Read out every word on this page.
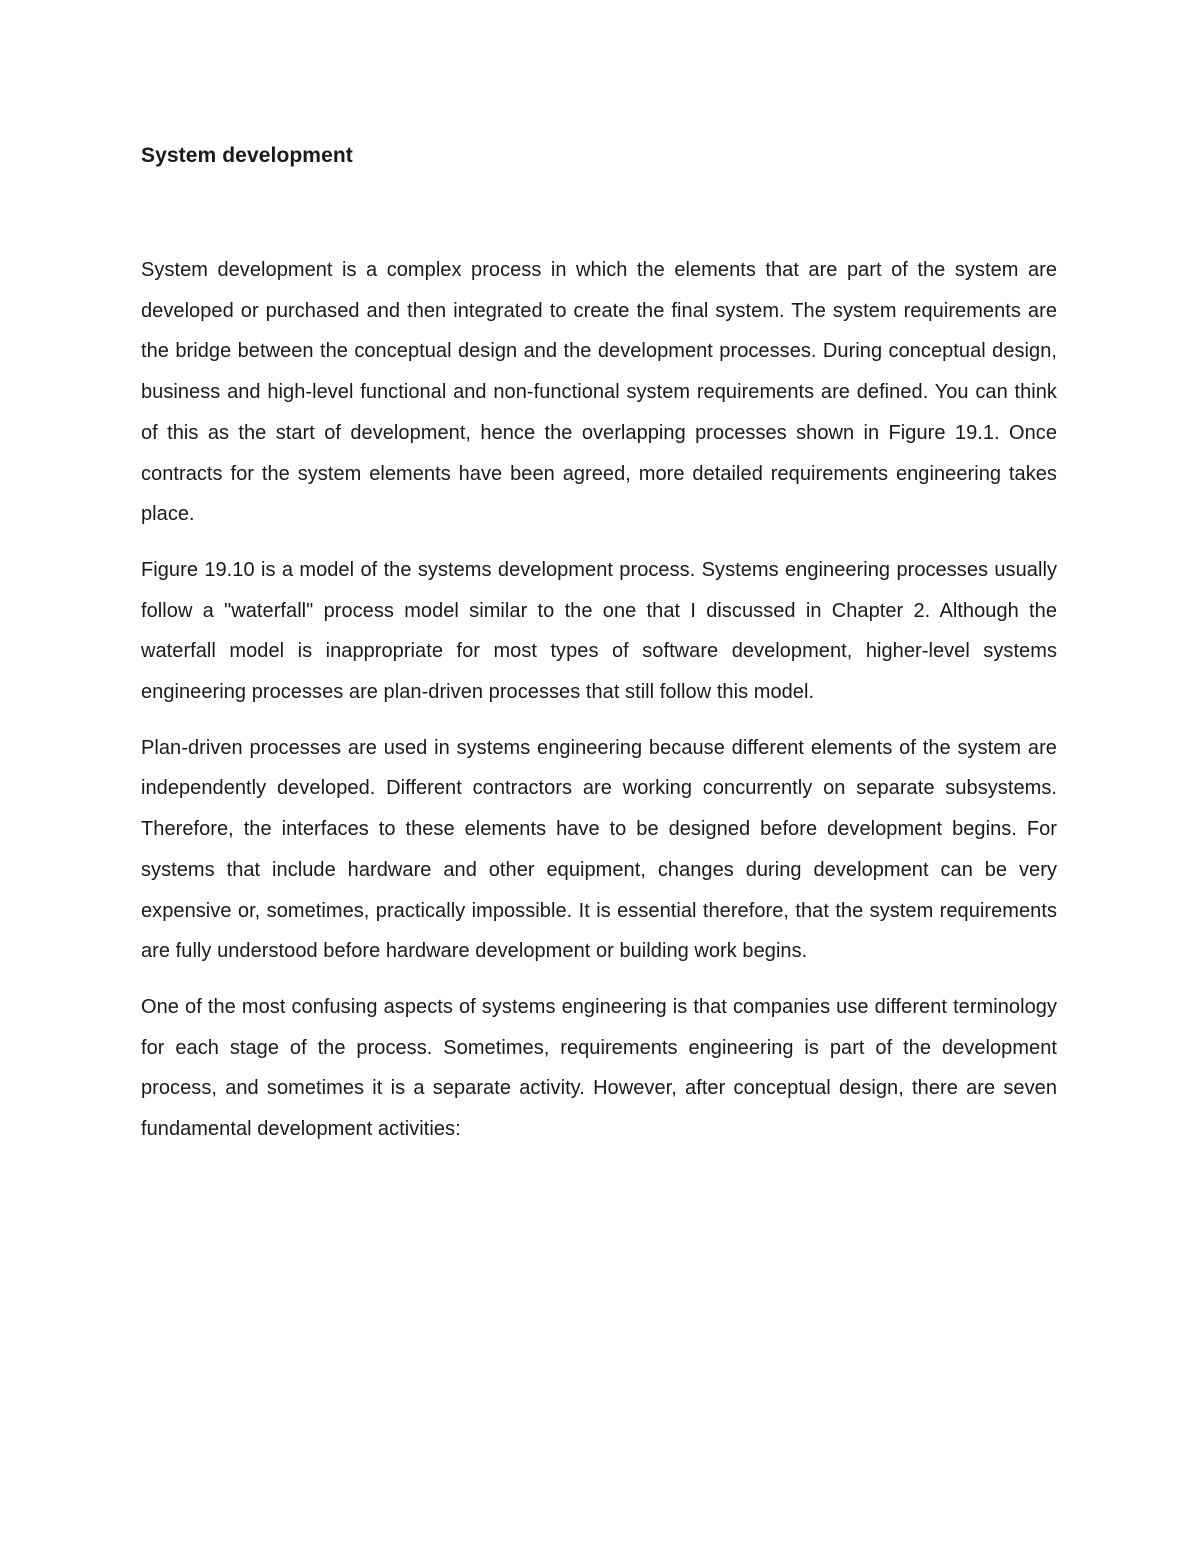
System development

System development is a complex process in which the elements that are part of the system are developed or purchased and then integrated to create the final system. The system requirements are the bridge between the conceptual design and the development processes. During conceptual design, business and high-level functional and non-functional system requirements are defined. You can think of this as the start of development, hence the overlapping processes shown in Figure 19.1. Once contracts for the system elements have been agreed, more detailed requirements engineering takes place.

Figure 19.10 is a model of the systems development process. Systems engineering processes usually follow a "waterfall" process model similar to the one that I discussed in Chapter 2. Although the waterfall model is inappropriate for most types of software development, higher-level systems engineering processes are plan-driven processes that still follow this model.

Plan-driven processes are used in systems engineering because different elements of the system are independently developed. Different contractors are working concurrently on separate subsystems. Therefore, the interfaces to these elements have to be designed before development begins. For systems that include hardware and other equipment, changes during development can be very expensive or, sometimes, practically impossible. It is essential therefore, that the system requirements are fully understood before hardware development or building work begins.

One of the most confusing aspects of systems engineering is that companies use different terminology for each stage of the process. Sometimes, requirements engineering is part of the development process, and sometimes it is a separate activity. However, after conceptual design, there are seven fundamental development activities:
